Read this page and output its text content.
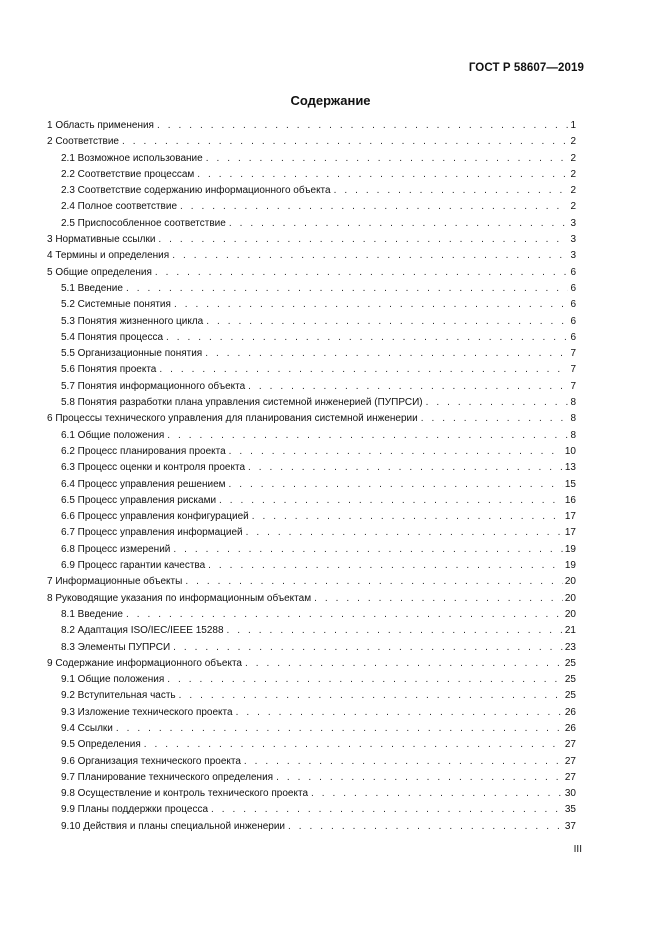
ГОСТ Р 58607—2019
Содержание
1 Область применения . . .	1
2 Соответствие . . .	2
2.1 Возможное использование . . .	2
2.2 Соответствие процессам . . .	2
2.3 Соответствие содержанию информационного объекта . . .	2
2.4 Полное соответствие . . .	2
2.5 Приспособленное соответствие . . .	3
3 Нормативные ссылки . . .	3
4 Термины и определения . . .	3
5 Общие определения . . .	6
5.1 Введение . . .	6
5.2 Системные понятия . . .	6
5.3 Понятия жизненного цикла . . .	6
5.4 Понятия процесса . . .	6
5.5 Организационные понятия . . .	7
5.6 Понятия проекта . . .	7
5.7 Понятия информационного объекта . . .	7
5.8 Понятия разработки плана управления системной инженерией (ПУПРСИ) . . .	8
6 Процессы технического управления для планирования системной инженерии . . .	8
6.1 Общие положения . . .	8
6.2 Процесс планирования проекта . . .	10
6.3 Процесс оценки и контроля проекта . . .	13
6.4 Процесс управления решением . . .	15
6.5 Процесс управления рисками . . .	16
6.6 Процесс управления конфигурацией . . .	17
6.7 Процесс управления информацией . . .	17
6.8 Процесс измерений . . .	19
6.9 Процесс гарантии качества . . .	19
7 Информационные объекты . . .	20
8 Руководящие указания по информационным объектам . . .	20
8.1 Введение . . .	20
8.2 Адаптация ISO/IEC/IEEE 15288 . . .	21
8.3 Элементы ПУПРСИ . . .	23
9 Содержание информационного объекта . . .	25
9.1 Общие положения . . .	25
9.2 Вступительная часть . . .	25
9.3 Изложение технического проекта . . .	26
9.4 Ссылки . . .	26
9.5 Определения . . .	27
9.6 Организация технического проекта . . .	27
9.7 Планирование технического определения . . .	27
9.8 Осуществление и контроль технического проекта . . .	30
9.9 Планы поддержки процесса . . .	35
9.10 Действия и планы специальной инженерии . . .	37
III
